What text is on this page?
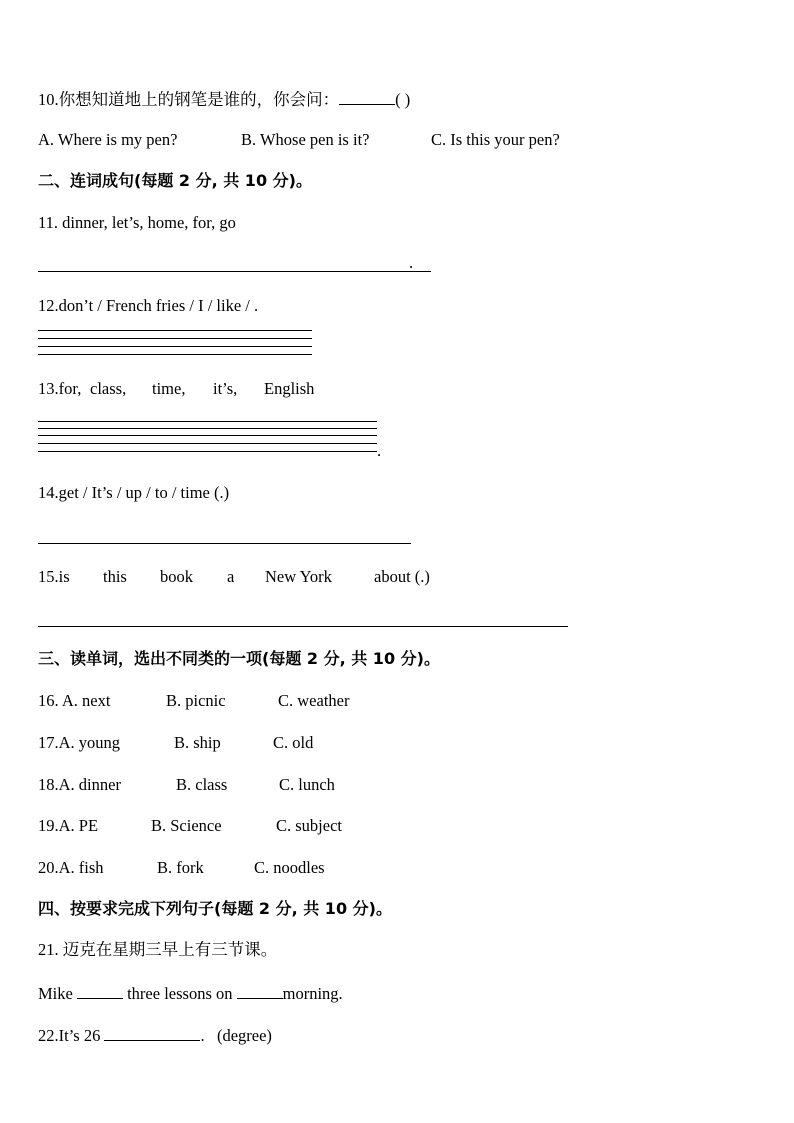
10.你想知道地上的钢笔是谁的，你会问：	( )
A. Where is my pen?	B. Whose pen is it?	C. Is this your pen?
二、连词成句(每题 2 分, 共 10 分)。
11. dinner, let’s, home, for, go
.
12.don’t / French fries / I / like / .
13.for, class, time, it’s, English
.
14.get / It’s / up / to / time (.)
15.is this book a New York	about (.)
三、读单词，选出不同类的一项(每题 2 分, 共 10 分)。
16. A. next	B. picnic	C. weather
17.A. young	B. ship	C. old
18.A. dinner	B. class	C. lunch
19.A. PE	B. Science	C. subject
20.A. fish	B. fork	C. noodles
四、按要求完成下列句子(每题 2 分, 共 10 分)。
21. 迈克在星期三早上有三节课。
Mike	three lessons on	morning.
22.It’s 26	. (degree)
